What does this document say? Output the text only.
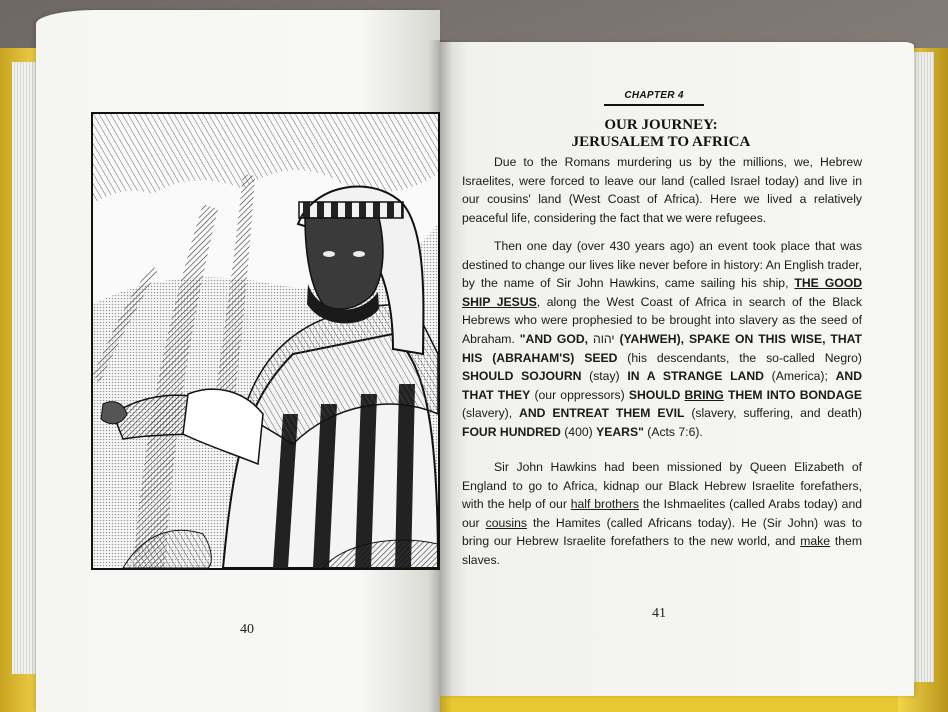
40
CHAPTER 4
OUR JOURNEY:
JERUSALEM TO AFRICA
Due to the Romans murdering us by the millions, we, Hebrew Israelites, were forced to leave our land (called Israel today) and live in our cousins' land (West Coast of Africa). Here we lived a relatively peaceful life, considering the fact that we were refugees.
Then one day (over 430 years ago) an event took place that was destined to change our lives like never before in history: An English trader, by the name of Sir John Hawkins, came sailing his ship, THE GOOD SHIP JESUS, along the West Coast of Africa in search of the Black Hebrews who were prophesied to be brought into slavery as the seed of Abraham. "AND GOD, יהוה (YAHWEH), SPAKE ON THIS WISE, THAT HIS (ABRAHAM'S) SEED (his descendants, the so-called Negro) SHOULD SOJOURN (stay) IN A STRANGE LAND (America); AND THAT THEY (our oppressors) SHOULD BRING THEM INTO BONDAGE (slavery), AND ENTREAT THEM EVIL (slavery, suffering, and death) FOUR HUNDRED (400) YEARS" (Acts 7:6).
Sir John Hawkins had been missioned by Queen Elizabeth of England to go to Africa, kidnap our Black Hebrew Israelite forefathers, with the help of our half brothers the Ishmaelites (called Arabs today) and our cousins the Hamites (called Africans today). He (Sir John) was to bring our Hebrew Israelite forefathers to the new world, and make them slaves.
41
